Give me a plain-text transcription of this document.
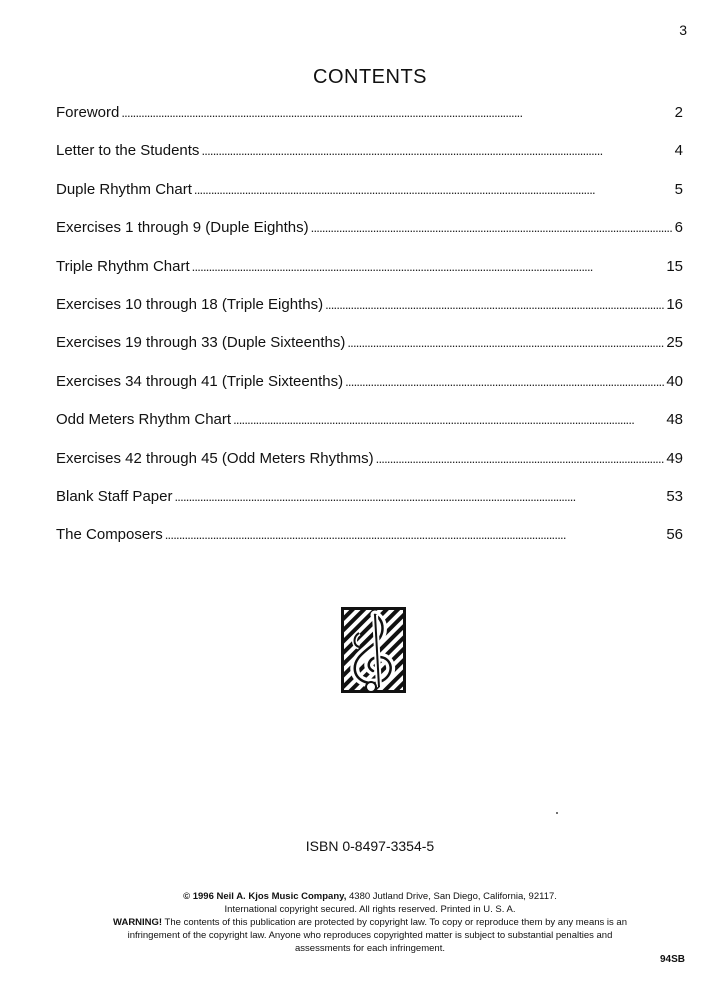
3
CONTENTS
Foreword . . .	2
Letter to the Students . . .	4
Duple Rhythm Chart . . .	5
Exercises 1 through 9 (Duple Eighths) . . .	6
Triple Rhythm Chart . . .	15
Exercises 10 through 18 (Triple Eighths) . . .	16
Exercises 19 through 33 (Duple Sixteenths) . . .	25
Exercises 34 through 41 (Triple Sixteenths) . . .	40
Odd Meters Rhythm Chart . . .	48
Exercises 42 through 45 (Odd Meters Rhythms) . . .	49
Blank Staff Paper . . .	53
The Composers . . .	56
ISBN 0-8497-3354-5
© 1996 Neil A. Kjos Music Company, 4380 Jutland Drive, San Diego, California, 92117.
International copyright secured. All rights reserved. Printed in U. S. A.
WARNING! The contents of this publication are protected by copyright law. To copy or reproduce them by any means is an infringement of the copyright law. Anyone who reproduces copyrighted matter is subject to substantial penalties and assessments for each infringement.
94SB
